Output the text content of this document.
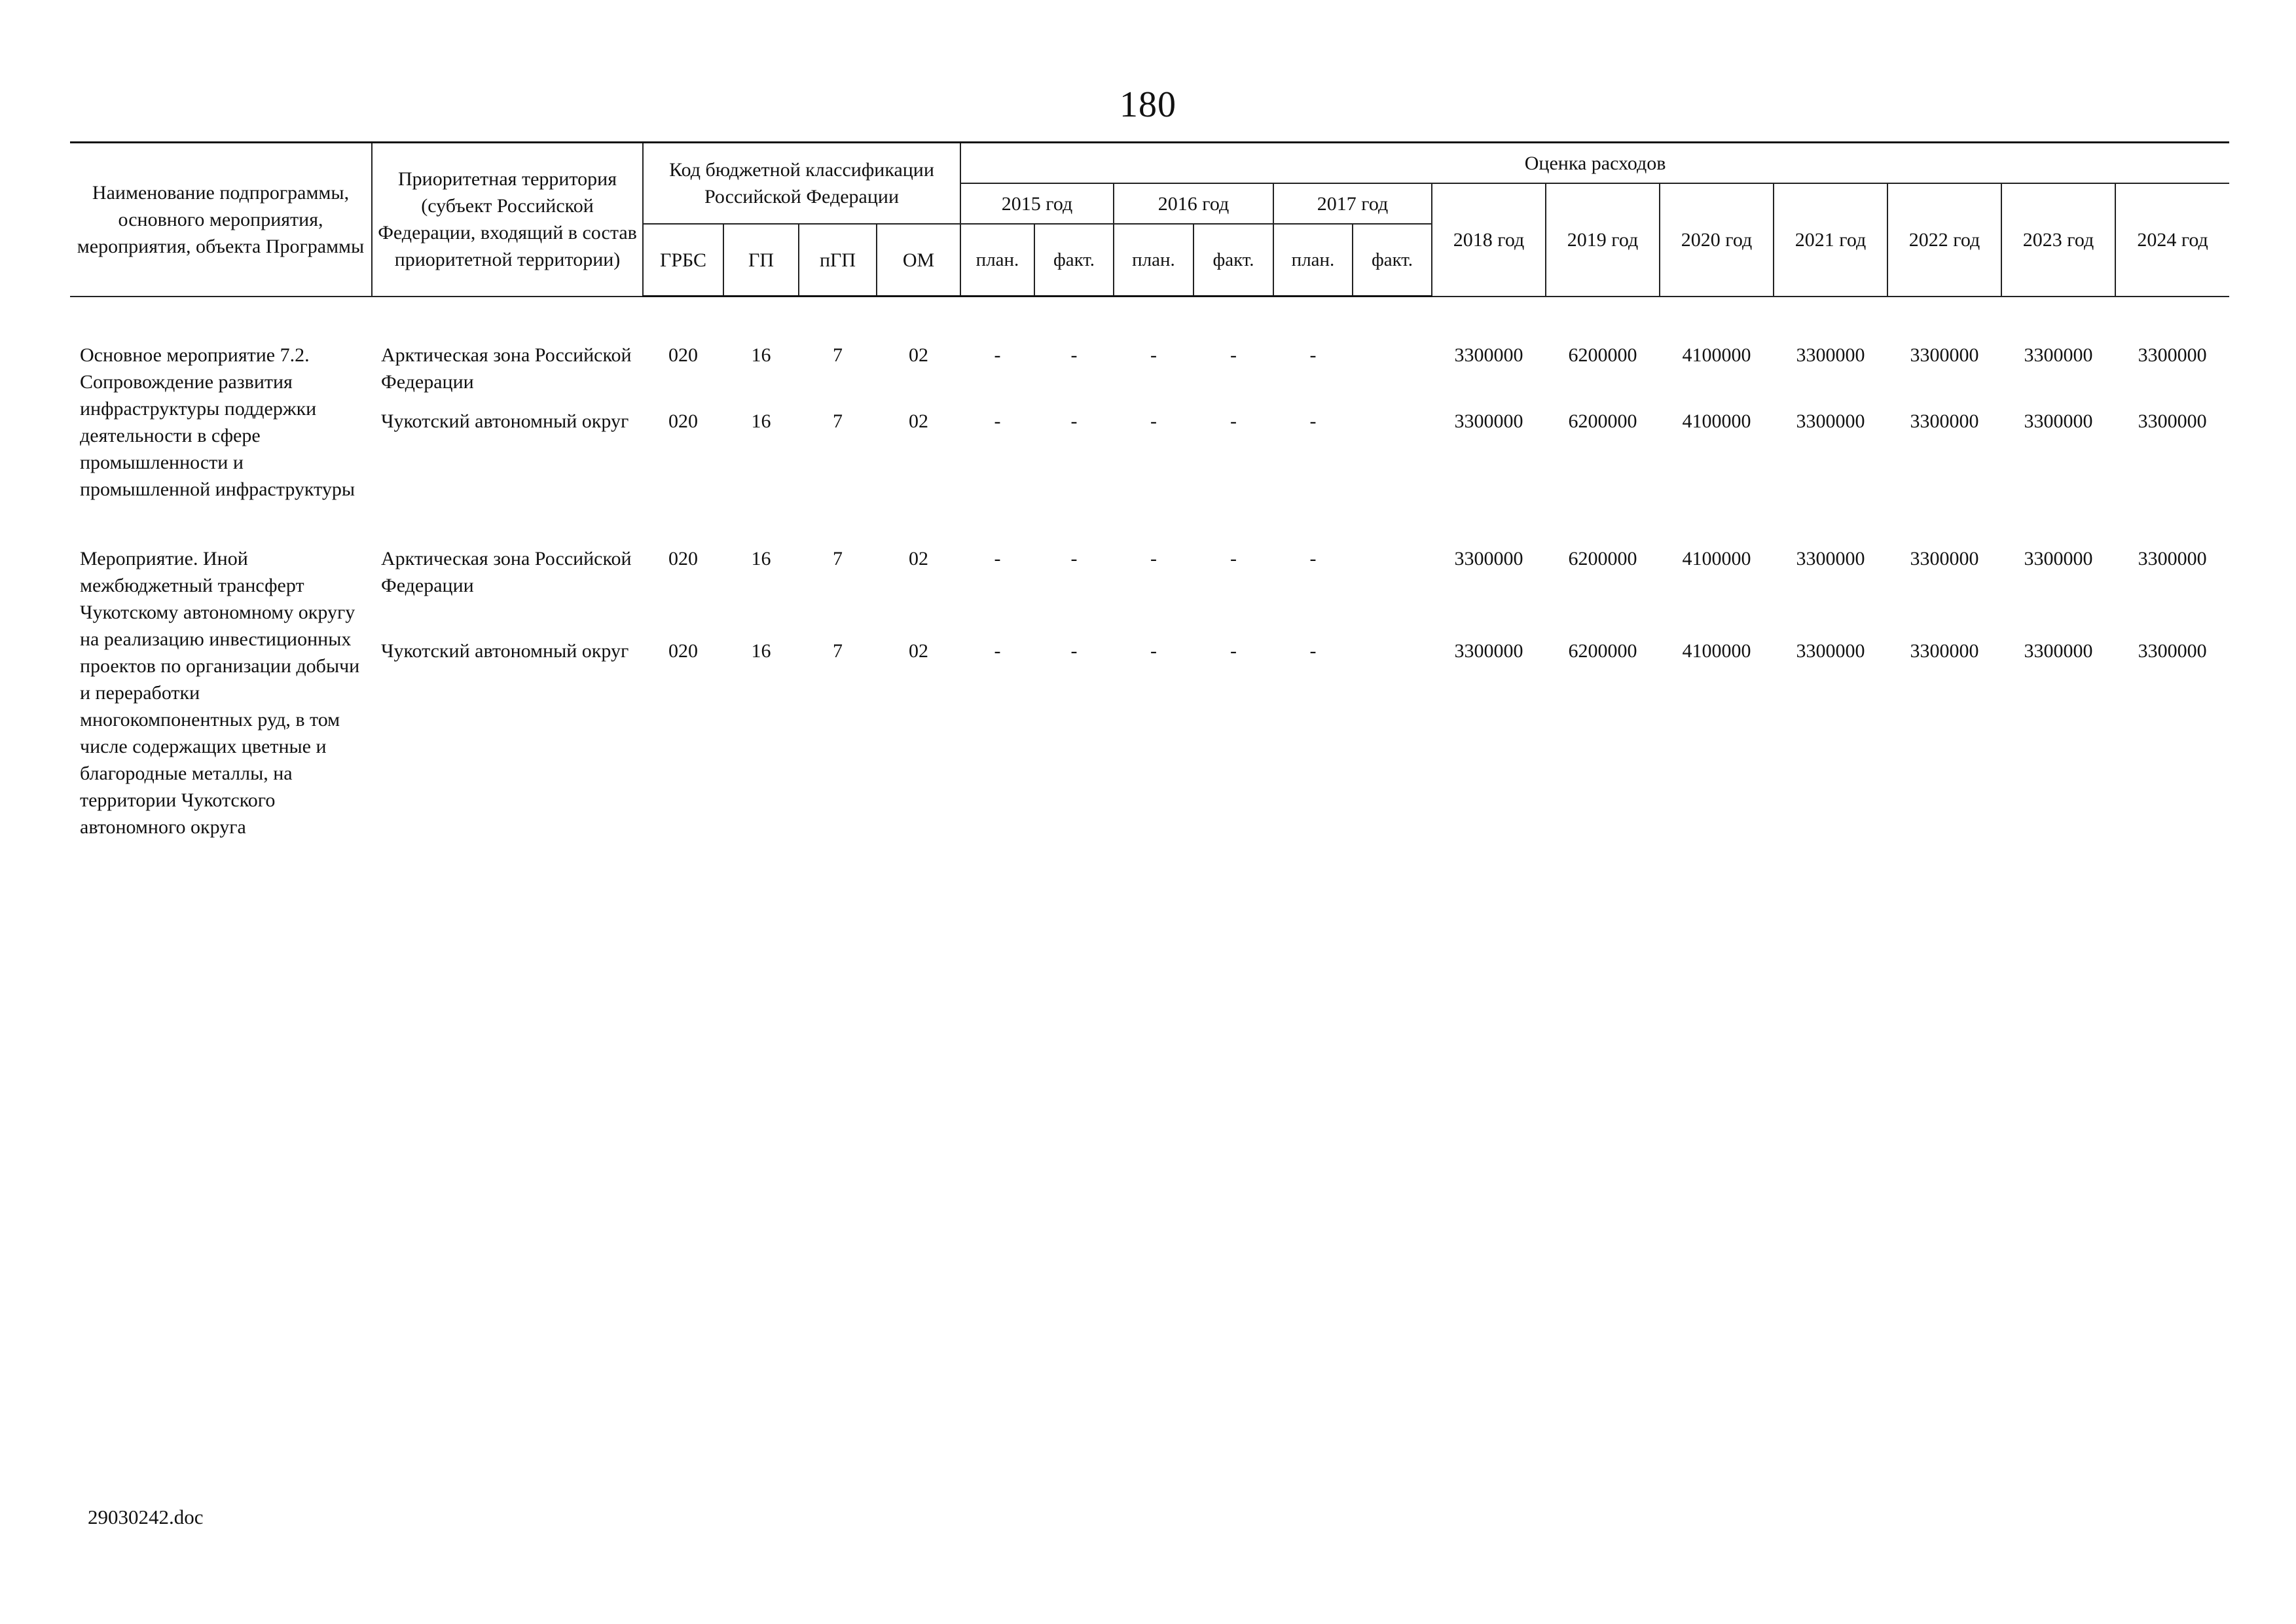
180
Наименование подпрограммы, основного мероприятия, мероприятия, объекта Программы	Приоритетная территория (субъект Российской Федерации, входящий в состав приоритетной территории)	Код бюджетной классификации Российской Федерации				Оценка расходов												
						2015 год		2016 год		2017 год		2018 год	2019 год	2020 год	2021 год	2022 год	2023 год	2024 год
		ГРБС	ГП	пГП	ОМ	план.	факт.	план.	факт.	план.	факт.							

Основное мероприятие 7.2. Сопровождение развития инфраструктуры поддержки деятельности в сфере промышленности и промышленной инфраструктуры	Арктическая зона Российской Федерации	020	16	7	02	-	-	-	-	-		3300000	6200000	4100000	3300000	3300000	3300000	3300000
	Чукотский автономный округ	020	16	7	02	-	-	-	-	-		3300000	6200000	4100000	3300000	3300000	3300000	3300000
Мероприятие. Иной межбюджетный трансферт Чукотскому автономному округу на реализацию инвестиционных проектов по организации добычи и переработки многокомпонентных руд, в том числе содержащих цветные и благородные металлы, на территории Чукотского автономного округа	Арктическая зона Российской Федерации	020	16	7	02	-	-	-	-	-		3300000	6200000	4100000	3300000	3300000	3300000	3300000
	Чукотский автономный округ	020	16	7	02	-	-	-	-	-		3300000	6200000	4100000	3300000	3300000	3300000	3300000
29030242.doc
